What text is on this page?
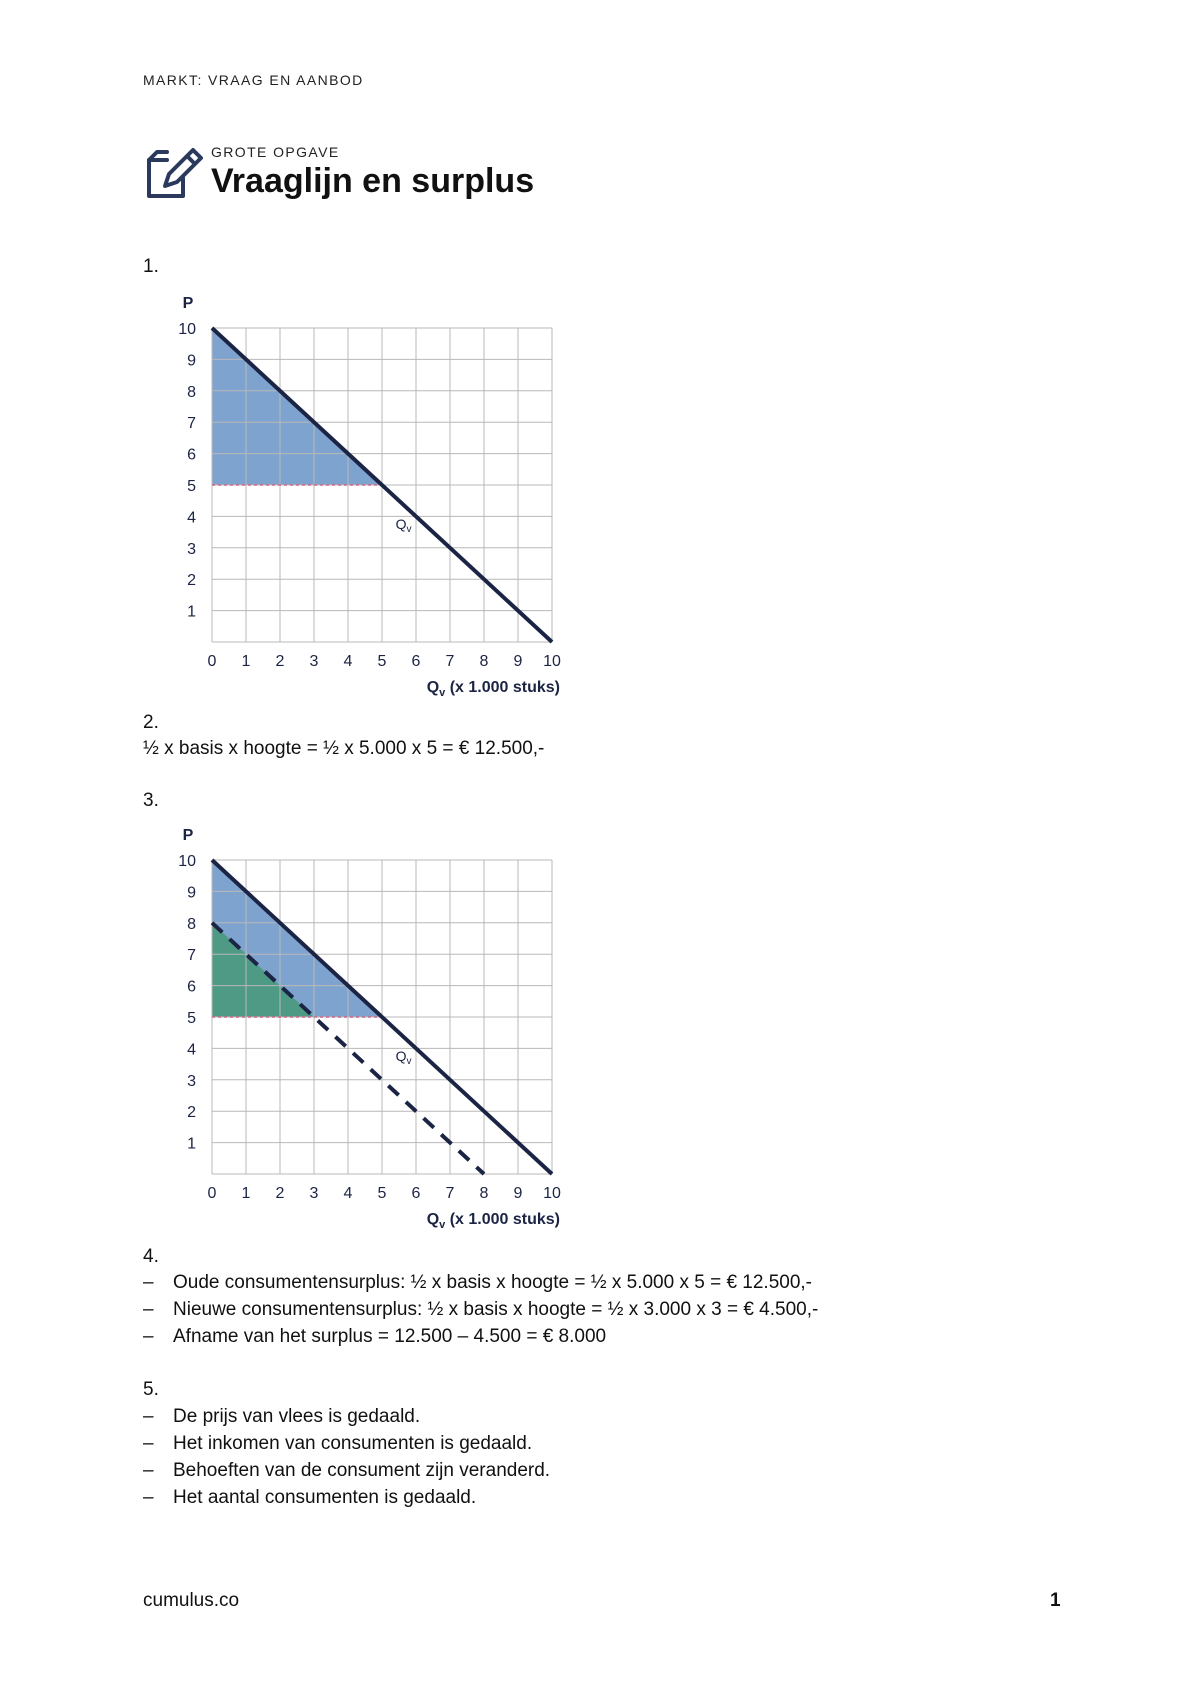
MARKT: VRAAG EN AANBOD
GROTE OPGAVE
Vraaglijn en surplus
1.
0 1 2 3 4 5 6 7 8 9 10
1
2
3
4
5
6
7
8
9
10
P
$Q_v$ (x 1.000 stuks)
$Q_v$
2.
½ x basis x hoogte = ½ x 5.000 x 5 = € 12.500,-
3.
0 1 2 3 4 5 6 7 8 9 10
1
2
3
4
5
6
7
8
9
10
P
$Q_v$ (x 1.000 stuks)
$Q_v$
4.
– Oude consumentensurplus: ½ x basis x hoogte = ½ x 5.000 x 5 = € 12.500,-
– Nieuwe consumentensurplus: ½ x basis x hoogte = ½ x 3.000 x 3 = € 4.500,-
– Afname van het surplus = 12.500 – 4.500 = € 8.000
5.
– De prijs van vlees is gedaald.
– Het inkomen van consumenten is gedaald.
– Behoeften van de consument zijn veranderd.
– Het aantal consumenten is gedaald.
cumulus.co	1
